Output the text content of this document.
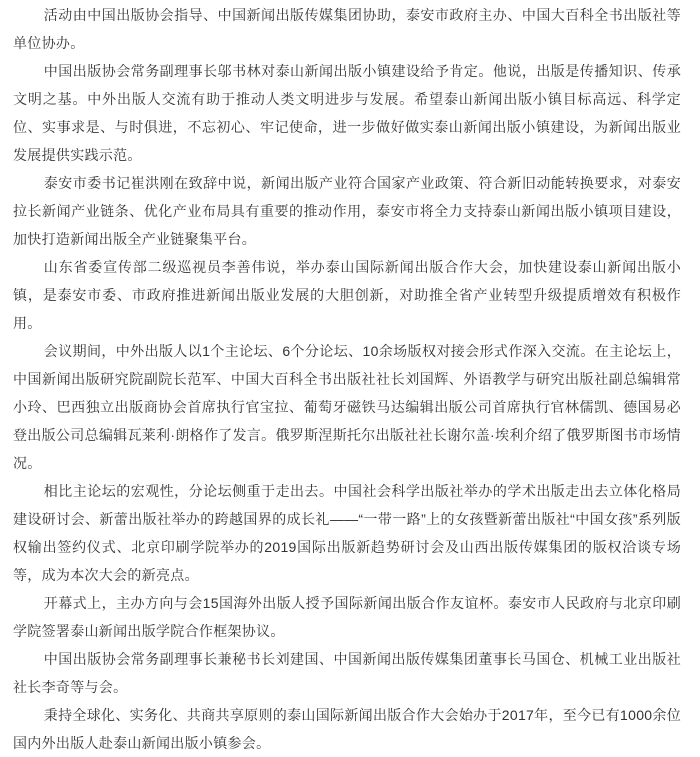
活动由中国出版协会指导、中国新闻出版传媒集团协助，泰安市政府主办、中国大百科全书出版社等单位协办。

中国出版协会常务副理事长邬书林对泰山新闻出版小镇建设给予肯定。他说，出版是传播知识、传承文明之基。中外出版人交流有助于推动人类文明进步与发展。希望泰山新闻出版小镇目标高远、科学定位、实事求是、与时俱进，不忘初心、牢记使命，进一步做好做实泰山新闻出版小镇建设，为新闻出版业发展提供实践示范。

泰安市委书记崔洪刚在致辞中说，新闻出版产业符合国家产业政策、符合新旧动能转换要求，对泰安拉长新闻产业链条、优化产业布局具有重要的推动作用，泰安市将全力支持泰山新闻出版小镇项目建设，加快打造新闻出版全产业链聚集平台。

山东省委宣传部二级巡视员李善伟说，举办泰山国际新闻出版合作大会，加快建设泰山新闻出版小镇，是泰安市委、市政府推进新闻出版业发展的大胆创新，对助推全省产业转型升级提质增效有积极作用。

会议期间，中外出版人以1个主论坛、6个分论坛、10余场版权对接会形式作深入交流。在主论坛上，中国新闻出版研究院副院长范军、中国大百科全书出版社社长刘国辉、外语教学与研究出版社副总编辑常小玲、巴西独立出版商协会首席执行官宝拉、葡萄牙磁铁马达编辑出版公司首席执行官林儒凯、德国易必登出版公司总编辑瓦莱利·朗格作了发言。俄罗斯涅斯托尔出版社社长谢尔盖·埃利介绍了俄罗斯图书市场情况。

相比主论坛的宏观性，分论坛侧重于走出去。中国社会科学出版社举办的学术出版走出去立体化格局建设研讨会、新蕾出版社举办的跨越国界的成长礼——“一带一路”上的女孩暨新蕾出版社“中国女孩”系列版权输出签约仪式、北京印刷学院举办的2019国际出版新趋势研讨会及山西出版传媒集团的版权洽谈专场等，成为本次大会的新亮点。

开幕式上，主办方向与会15国海外出版人授予国际新闻出版合作友谊杯。泰安市人民政府与北京印刷学院签署泰山新闻出版学院合作框架协议。

中国出版协会常务副理事长兼秘书长刘建国、中国新闻出版传媒集团董事长马国仓、机械工业出版社社长李奇等与会。

秉持全球化、实务化、共商共享原则的泰山国际新闻出版合作大会始办于2017年，至今已有1000余位国内外出版人赴泰山新闻出版小镇参会。
